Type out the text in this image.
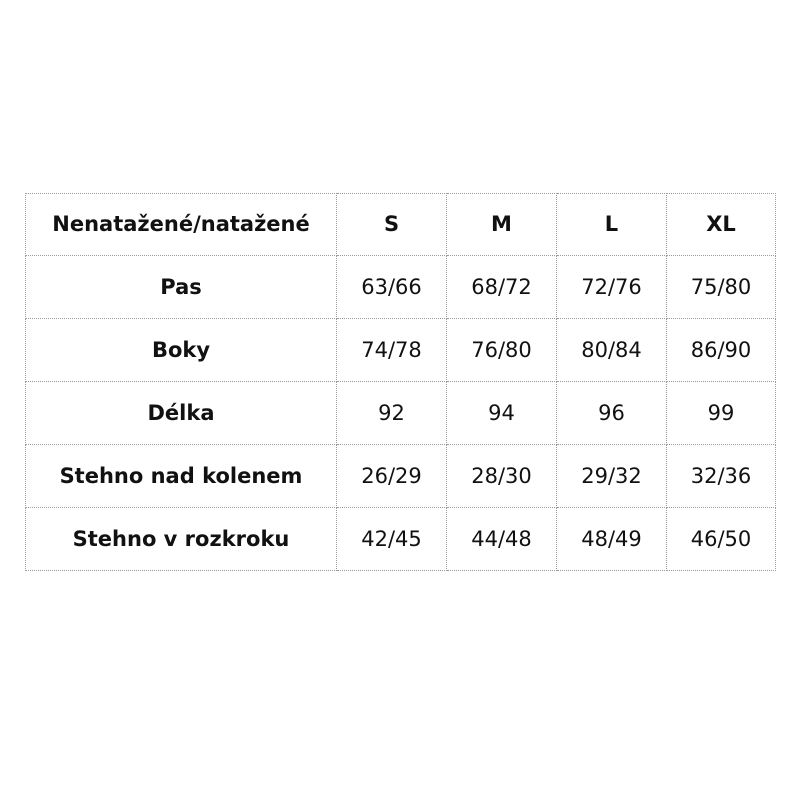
Nenatažené/natažené	S	M	L	XL
Pas	63/66	68/72	72/76	75/80
Boky	74/78	76/80	80/84	86/90
Délka	92	94	96	99
Stehno nad kolenem	26/29	28/30	29/32	32/36
Stehno v rozkroku	42/45	44/48	48/49	46/50
